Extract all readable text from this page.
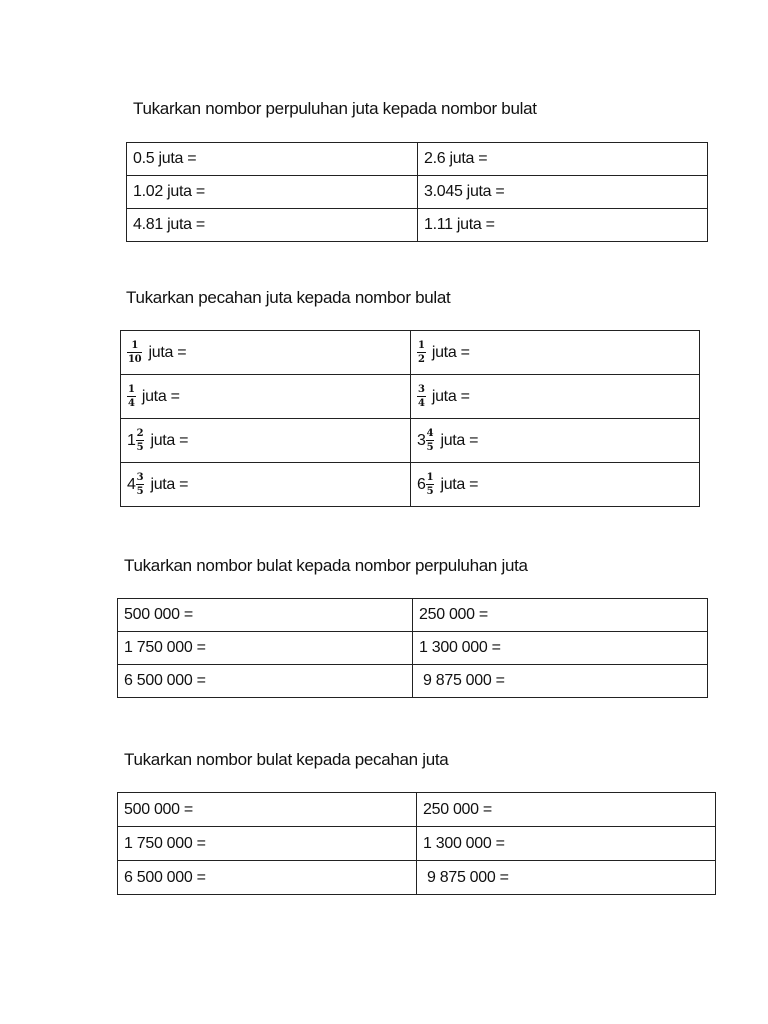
Tukarkan nombor perpuluhan juta kepada nombor bulat
0.5 juta =	2.6 juta =
1.02 juta =	3.045 juta =
4.81 juta =	1.11 juta =
Tukarkan pecahan juta kepada nombor bulat
$\frac{1}{10}$ juta =	$\frac{1}{2}$ juta =

$\frac{1}{4}$ juta =	$\frac{3}{4}$ juta =
$1 \frac{2}{5}$ juta =	$3 \frac{4}{5}$ juta =
$4 \frac{3}{5}$ juta =	$6 \frac{1}{5}$ juta =
Tukarkan nombor bulat kepada nombor perpuluhan juta
500 000 =	250 000 =
1 750 000 =	1 300 000 =
6 500 000 =	9 875 000 =
Tukarkan nombor bulat kepada pecahan juta
500 000 =	250 000 =
1 750 000 =	1 300 000 =
6 500 000 =	9 875 000 =
